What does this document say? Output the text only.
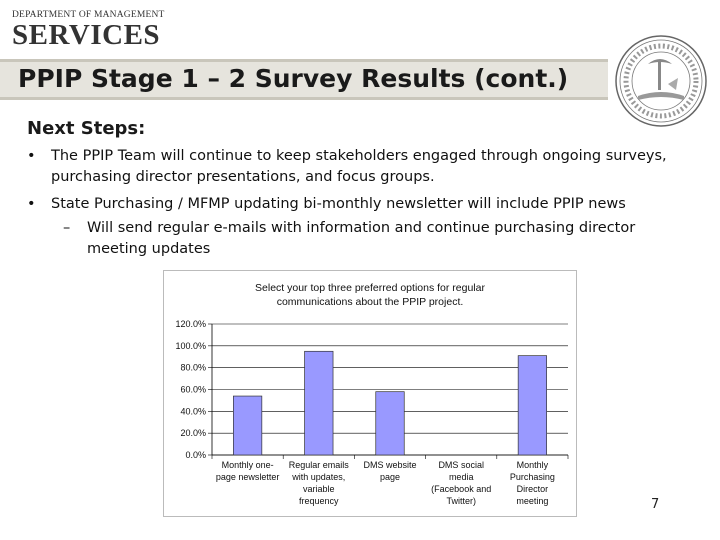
DEPARTMENT OF MANAGEMENT
SERVICES
PPIP Stage 1 – 2 Survey Results (cont.)
Next Steps:
• The PPIP Team will continue to keep stakeholders engaged through ongoing surveys, purchasing director presentations, and focus groups.
• State Purchasing / MFMP updating bi-monthly newsletter will include PPIP news
– Will send regular e-mails with information and continue purchasing director meeting updates
Select your top three preferred options for regular
communications about the PPIP project.
0.0%
20.0%
40.0%
60.0%
80.0%
100.0%
120.0%
Monthly one-
page newsletter
Regular emails
with updates,
variable
frequency
DMS website
page
DMS social
media
(Facebook and
Twitter)
Monthly
Purchasing
Director
meeting	7
